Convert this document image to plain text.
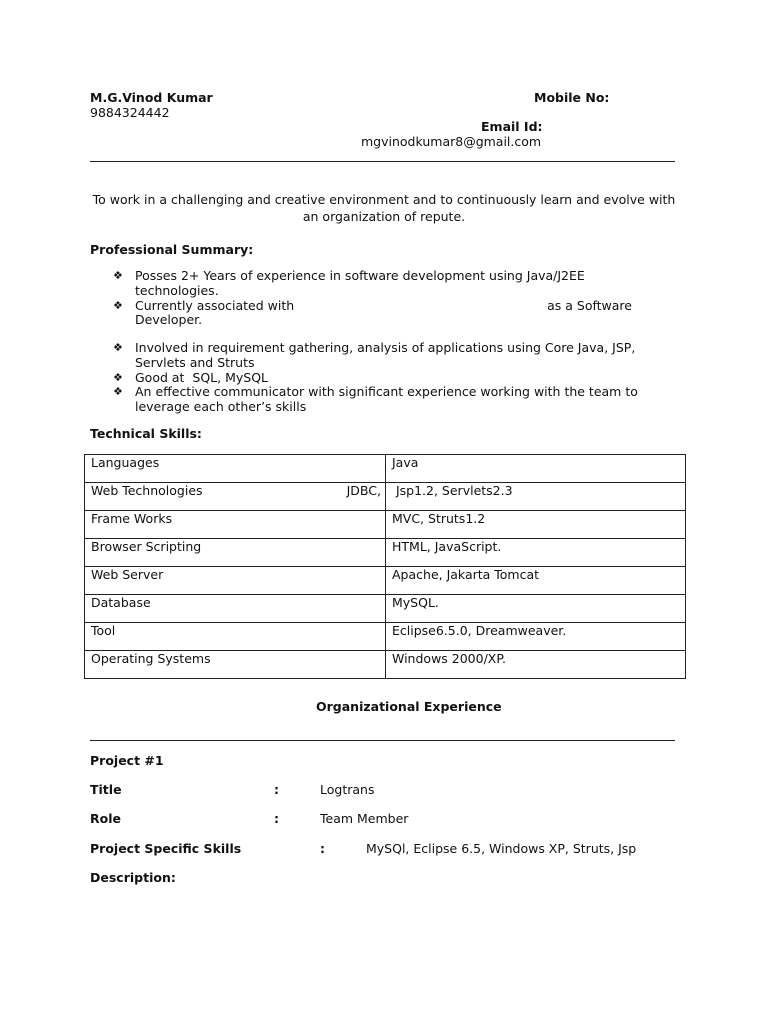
M.G.Vinod Kumar	Mobile No:
9884324442
Email Id:
mgvinodkumar8@gmail.com
To work in a challenging and creative environment and to continuously learn and evolve with an organization of repute.
Professional Summary:
❖ Posses 2+ Years of experience in software development using Java/J2EE technologies.
❖ Currently associated with	as a Software
Developer.
❖ Involved in requirement gathering, analysis of applications using Core Java, JSP, Servlets and Struts
❖ Good at  SQL, MySQL
❖ An effective communicator with significant experience working with the team to leverage each other’s skills
Technical Skills:
Languages	Java

Web Technologies JDBC,	Jsp1.2, Servlets2.3
Frame Works	MVC, Struts1.2
Browser Scripting	HTML, JavaScript.
Web Server	Apache, Jakarta Tomcat
Database	MySQL.
Tool	Eclipse6.5.0, Dreamweaver.
Operating Systems	Windows 2000/XP.
Organizational Experience
Project #1
Title	:	Logtrans
Role	:	Team Member
Project Specific Skills	:	MySQl, Eclipse 6.5, Windows XP, Struts, Jsp
Description:
